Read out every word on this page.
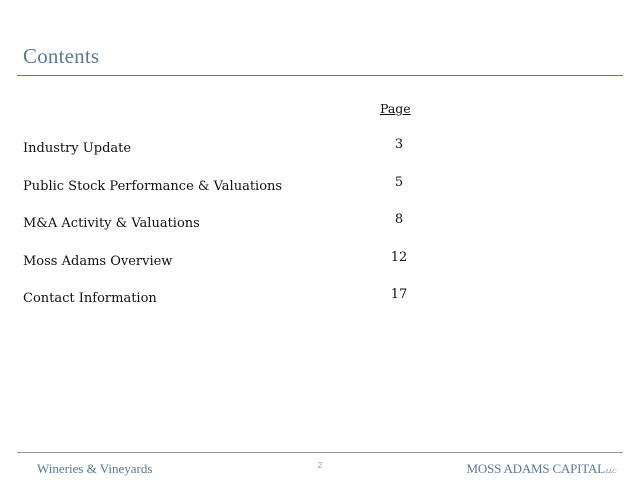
Contents
Page
Industry Update	3
Public Stock Performance & Valuations	5
M&A Activity & Valuations	8
Moss Adams Overview	12
Contact Information	17
Wineries & Vineyards	2	MOSS ADAMS CAPITALLLC
